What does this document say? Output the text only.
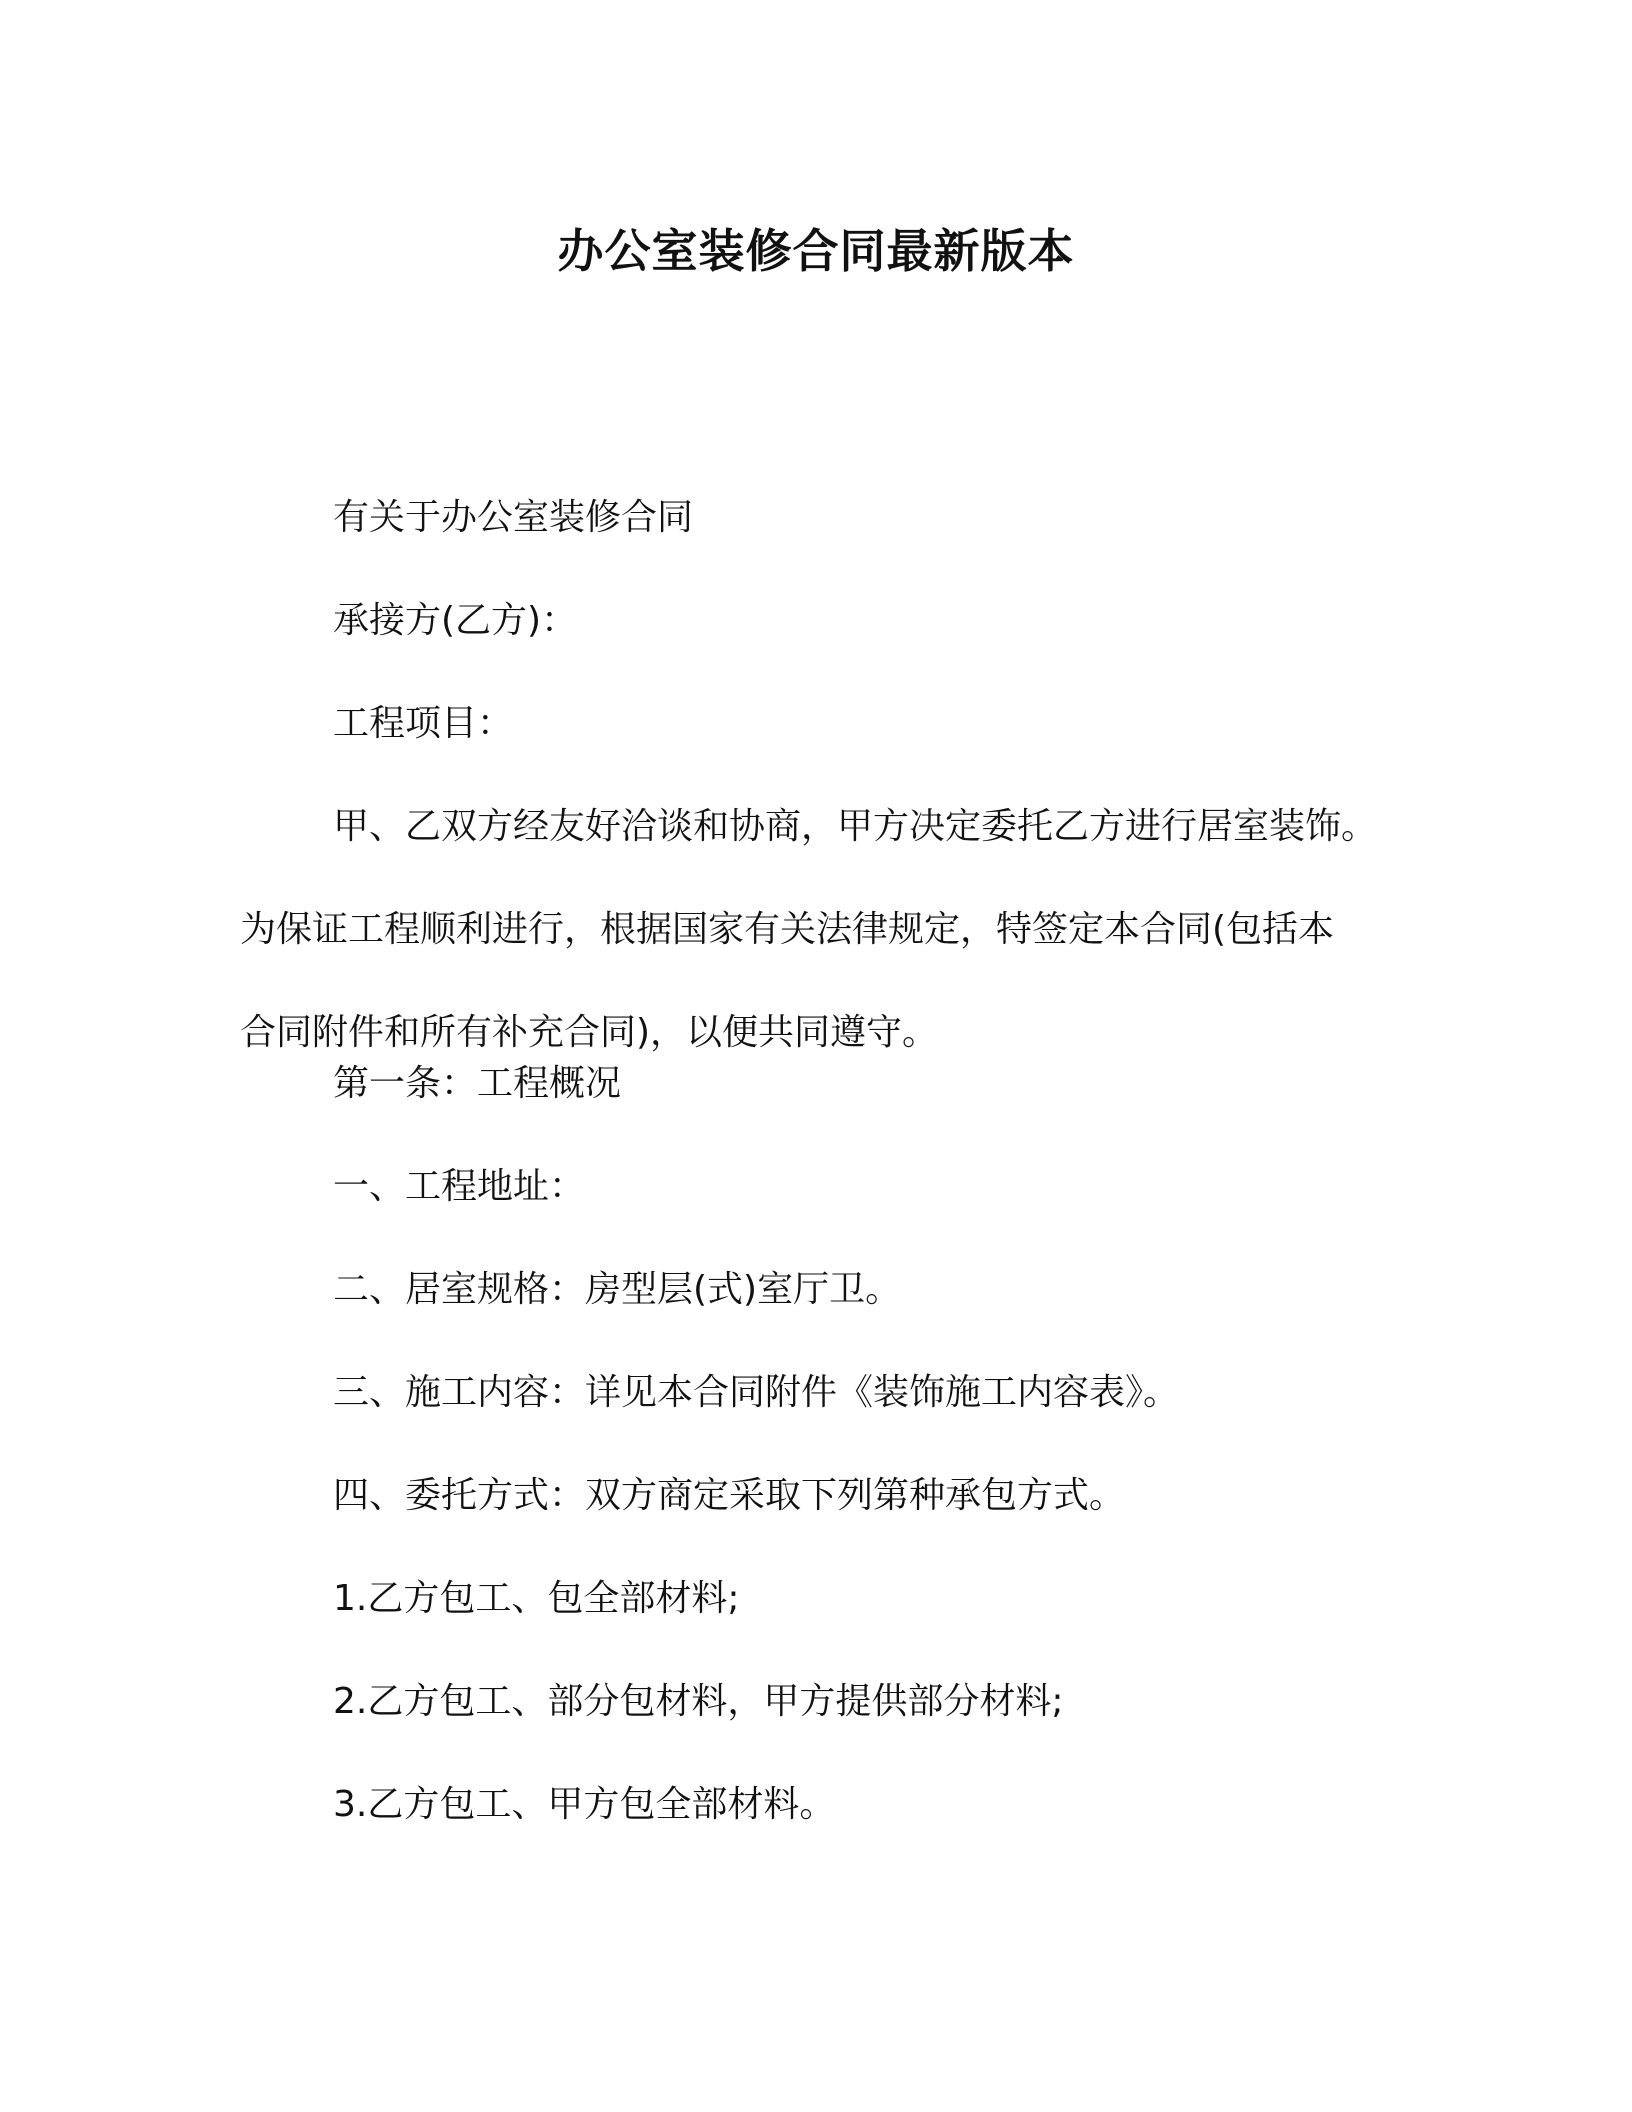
办公室装修合同最新版本
有关于办公室装修合同
承接方(乙方)：
工程项目：
甲、乙双方经友好洽谈和协商，甲方决定委托乙方进行居室装饰。
为保证工程顺利进行，根据国家有关法律规定，特签定本合同(包括本
合同附件和所有补充合同)，以便共同遵守。
第一条：工程概况
一、工程地址：
二、居室规格：房型层(式)室厅卫。
三、施工内容：详见本合同附件《装饰施工内容表》。
四、委托方式：双方商定采取下列第种承包方式。
1.乙方包工、包全部材料;
2.乙方包工、部分包材料，甲方提供部分材料;
3.乙方包工、甲方包全部材料。
